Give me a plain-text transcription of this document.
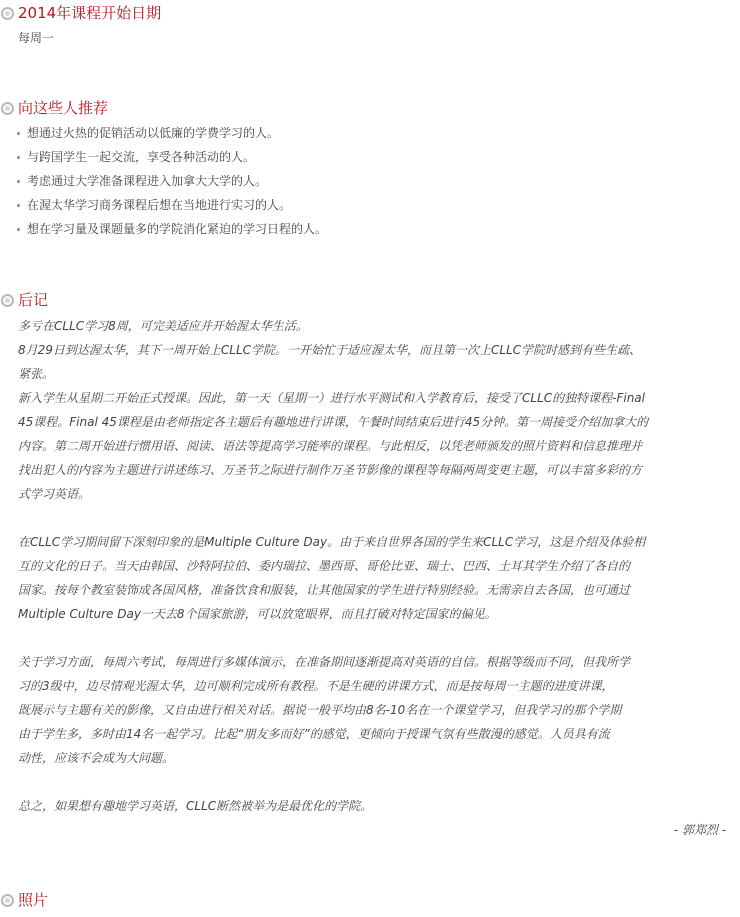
2014年课程开始日期
每周一
向这些人推荐
想通过火热的促销活动以低廉的学费学习的人。
与跨国学生一起交流，享受各种活动的人。
考虑通过大学准备课程进入加拿大大学的人。
在渥太华学习商务课程后想在当地进行实习的人。
想在学习量及课题量多的学院消化紧迫的学习日程的人。
后记

多亏在CLLC学习8周，可完美适应并开始渥太华生活。

8月29日到达渥太华，其下一周开始上CLLC学院。一开始忙于适应渥太华，而且第一次上CLLC学院时感到有些生疏、

紧张。

新入学生从星期二开始正式授课。因此，第一天（星期一）进行水平测试和入学教育后，接受了CLLC的独特课程-Final

45课程。Final 45课程是由老师指定各主题后有趣地进行讲课，午餐时间结束后进行45分钟。第一周接受介绍加拿大的

内容。第二周开始进行惯用语、阅读、语法等提高学习能率的课程。与此相反，以凭老师颁发的照片资料和信息推理并

找出犯人的内容为主题进行讲述练习、万圣节之际进行制作万圣节影像的课程等每隔两周变更主题，可以丰富多彩的方

式学习英语。

在CLLC学习期间留下深刻印象的是Multiple Culture Day。由于来自世界各国的学生来CLLC学习，这是介绍及体验相

互的文化的日子。当天由韩国、沙特阿拉伯、委内瑞拉、墨西哥、哥伦比亚、瑞士、巴西、土耳其学生介绍了各自的

国家。按每个教室装饰成各国风格，准备饮食和服装，让其他国家的学生进行特别经验。无需亲自去各国，也可通过

Multiple Culture Day一天去8个国家旅游，可以放宽眼界，而且打破对特定国家的偏见。

关于学习方面，每周六考试，每周进行多媒体演示，在准备期间逐渐提高对英语的自信。根据等级而不同，但我所学

习的3级中，边尽情观光渥太华，边可顺利完成所有教程。不是生硬的讲课方式，而是按每周一主题的进度讲课，

既展示与主题有关的影像，又自由进行相关对话。据说一般平均由8名-10名在一个课堂学习，但我学习的那个学期

由于学生多，多时由14名一起学习。比起“朋友多而好”的感觉，更倾向于授课气氛有些散漫的感觉。人员具有流

动性，应该不会成为大问题。

总之，如果想有趣地学习英语，CLLC断然被举为是最优化的学院。

- 郭郑烈 -

照片
